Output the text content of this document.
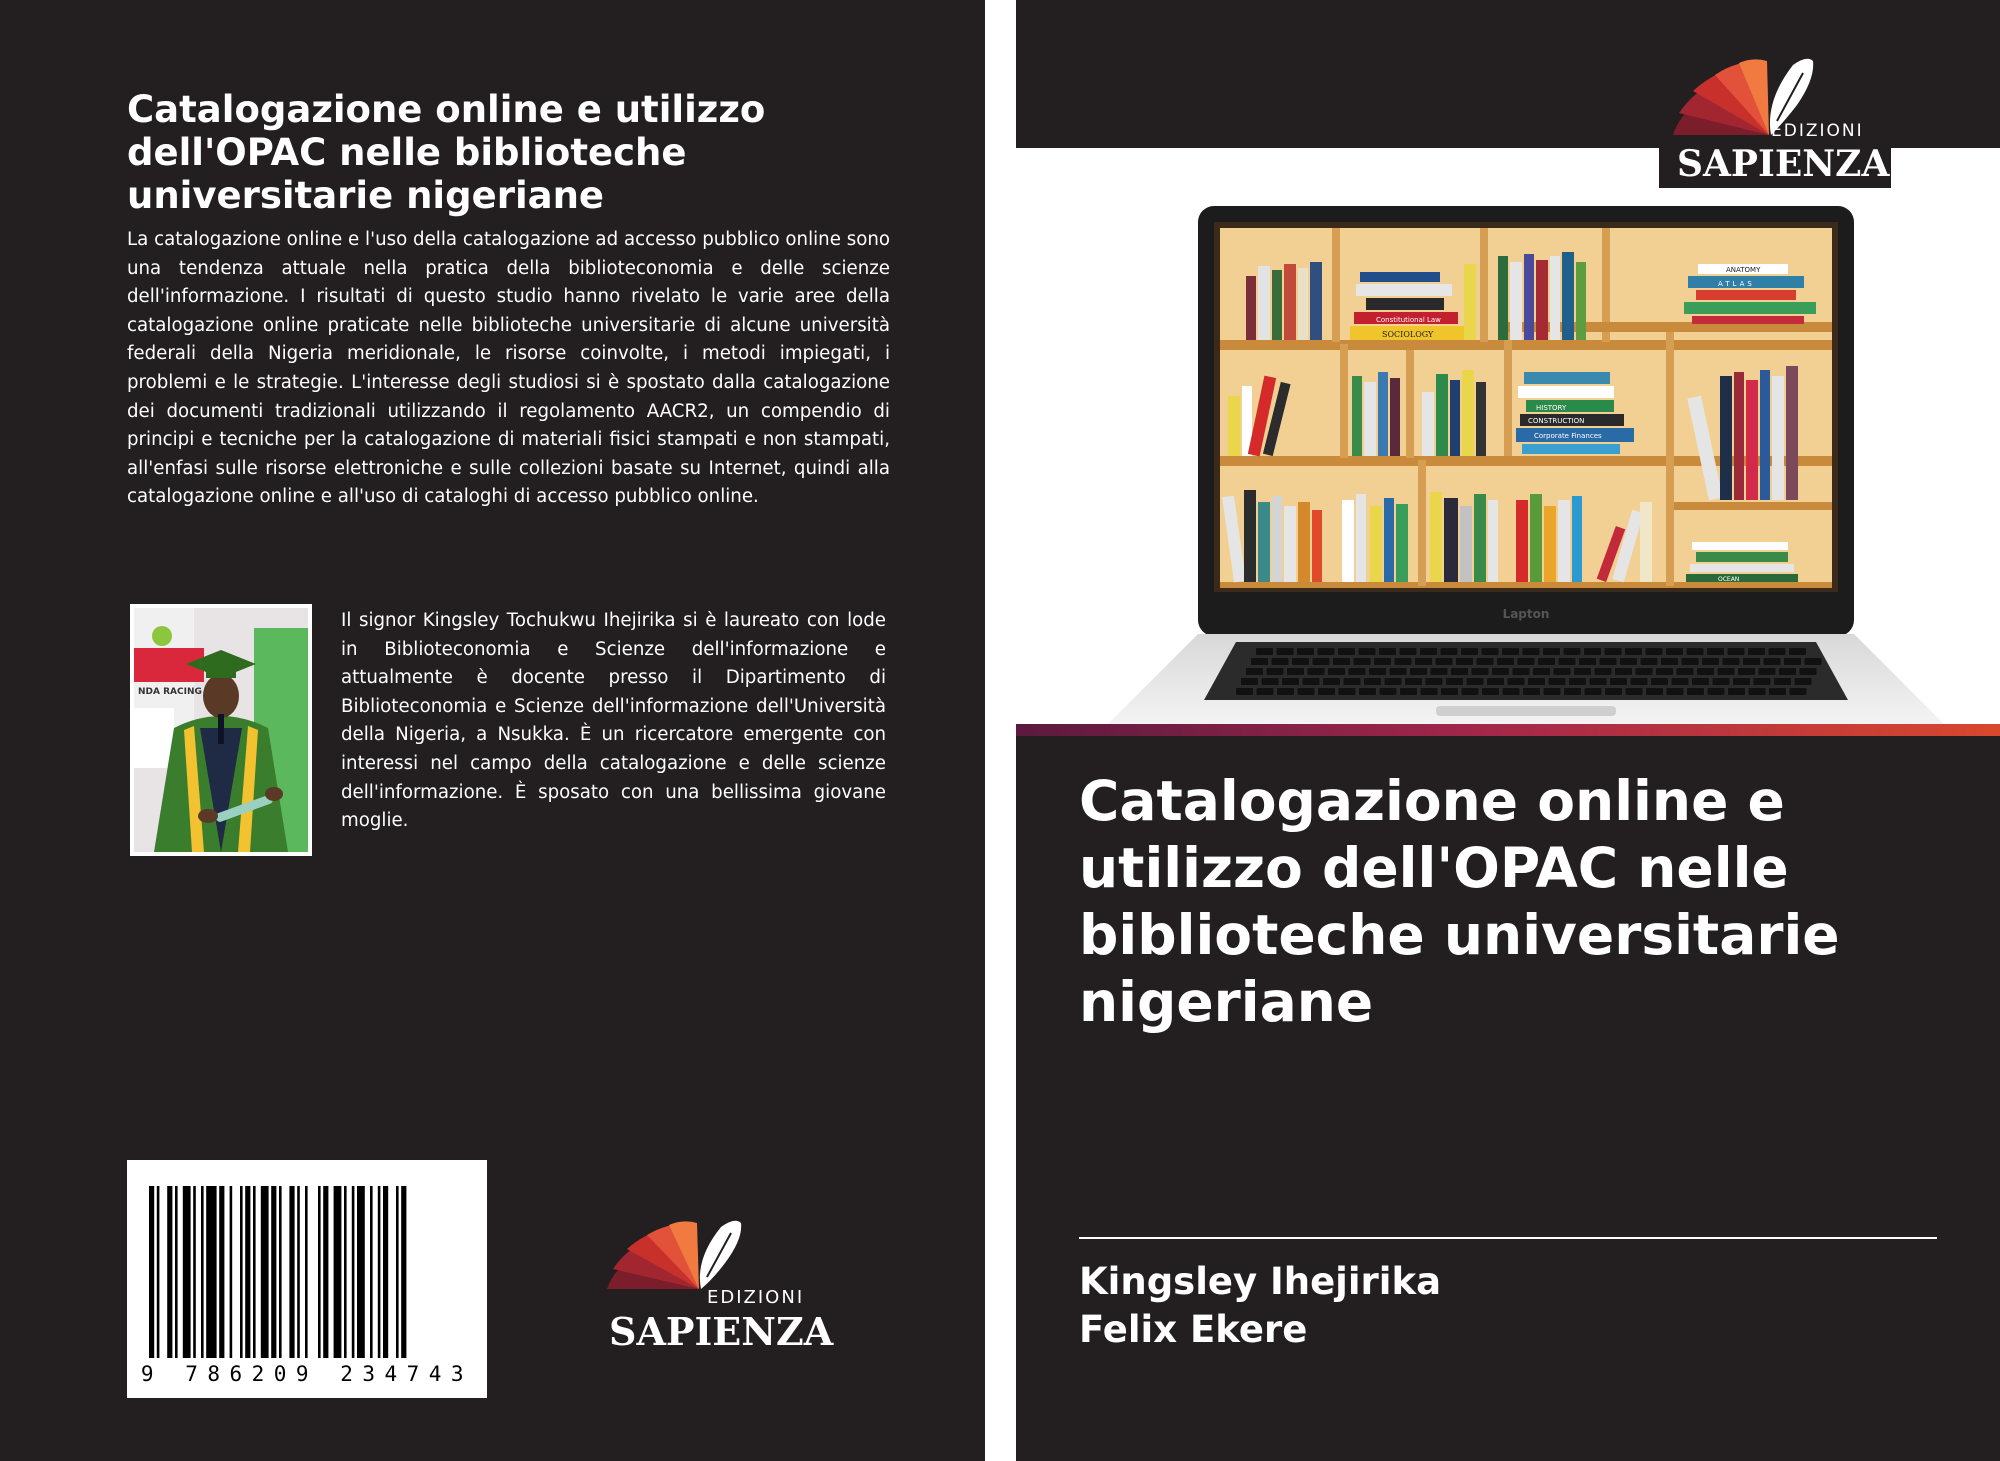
Catalogazione online e utilizzo dell'OPAC nelle biblioteche universitarie nigeriane

La catalogazione online e l'uso della catalogazione ad accesso pubblico online sono una tendenza attuale nella pratica della biblioteconomia e delle scienze dell'informazione. I risultati di questo studio hanno rivelato le varie aree della catalogazione online praticate nelle biblioteche universitarie di alcune università federali della Nigeria meridionale, le risorse coinvolte, i metodi impiegati, i problemi e le strategie. L'interesse degli studiosi si è spostato dalla catalogazione dei documenti tradizionali utilizzando il regolamento AACR2, un compendio di principi e tecniche per la catalogazione di materiali fisici stampati e non stampati, all'enfasi sulle risorse elettroniche e sulle collezioni basate su Internet, quindi alla catalogazione online e all'uso di cataloghi di accesso pubblico online.

NDA RACING

Il signor Kingsley Tochukwu Ihejirika si è laureato con lode in Biblioteconomia e Scienze dell'informazione e attualmente è docente presso il Dipartimento di Biblioteconomia e Scienze dell'informazione dell'Università della Nigeria, a Nsukka. È un ricercatore emergente con interessi nel campo della catalogazione e delle scienze dell'informazione. È sposato con una bellissima giovane moglie.

9 786209 234743
EDIZIONI
SAPIENZA
Constitutional Law
SOCIOLOGY
ANATOMY
ATLAS
HISTORY
CONSTRUCTION
Corporate Finances
OCEAN
Lapton
Catalogazione online e utilizzo dell'OPAC nelle biblioteche universitarie nigeriane
Kingsley Ihejirika
Felix Ekere
EDIZIONI
SAPIENZA
